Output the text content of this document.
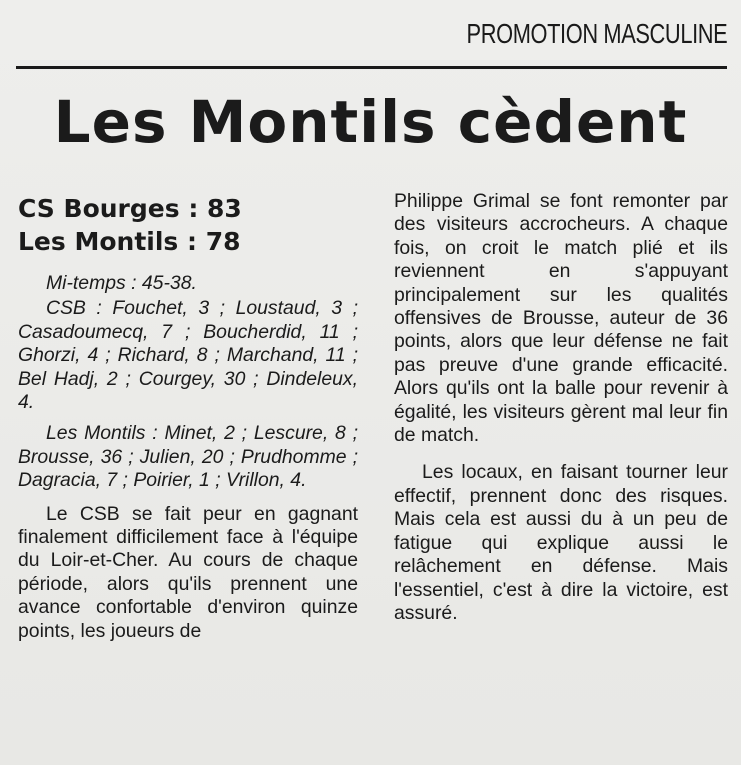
PROMOTION MASCULINE
Les Montils cèdent
CS Bourges : 83
Les Montils : 78

Mi-temps : 45-38.

CSB : Fouchet, 3 ; Loustaud, 3 ; Casadoumecq, 7 ; Boucherdid, 11 ; Ghorzi, 4 ; Richard, 8 ; Marchand, 11 ; Bel Hadj, 2 ; Courgey, 30 ; Dindeleux, 4.

Les Montils : Minet, 2 ; Lescure, 8 ; Brousse, 36 ; Julien, 20 ; Prudhomme ; Dagracia, 7 ; Poirier, 1 ; Vrillon, 4.

Le CSB se fait peur en gagnant finalement difficilement face à l'équipe du Loir-et-Cher. Au cours de chaque période, alors qu'ils prennent une avance confortable d'environ quinze points, les joueurs de

Philippe Grimal se font remonter par des visiteurs accrocheurs. A chaque fois, on croit le match plié et ils reviennent en s'appuyant principalement sur les qualités offensives de Brousse, auteur de 36 points, alors que leur défense ne fait pas preuve d'une grande efficacité. Alors qu'ils ont la balle pour revenir à égalité, les visiteurs gèrent mal leur fin de match.

Les locaux, en faisant tourner leur effectif, prennent donc des risques. Mais cela est aussi du à un peu de fatigue qui explique aussi le relâchement en défense. Mais l'essentiel, c'est à dire la victoire, est assuré.
